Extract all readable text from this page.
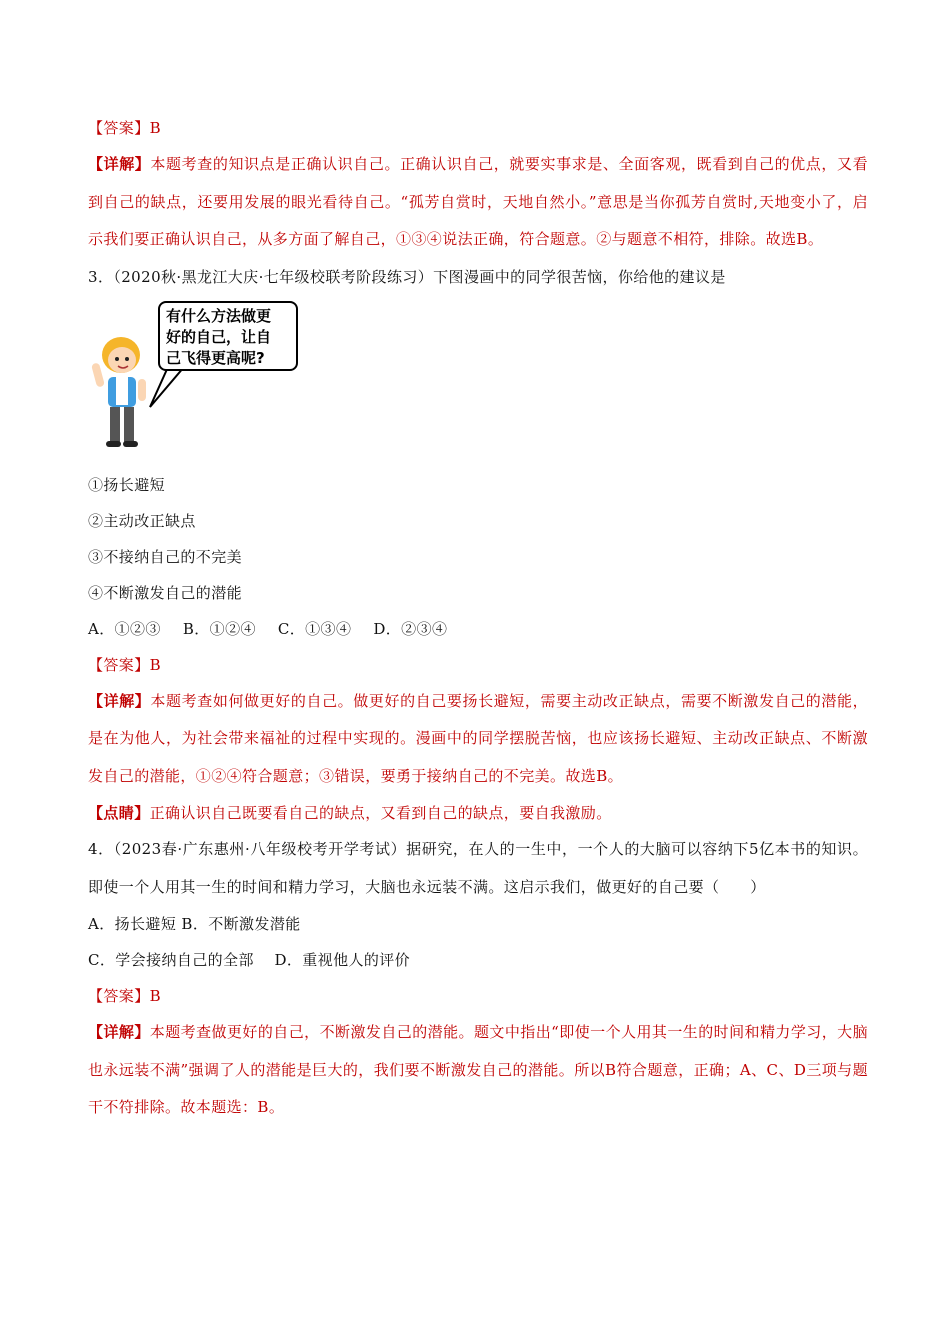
【答案】B
【详解】本题考查的知识点是正确认识自己。正确认识自己，就要实事求是、全面客观，既看到自己的优点，又看到自己的缺点，还要用发展的眼光看待自己。“孤芳自赏时，天地自然小。”意思是当你孤芳自赏时,天地变小了，启示我们要正确认识自己，从多方面了解自己，①③④说法正确，符合题意。②与题意不相符，排除。故选B。
3．（2020秋·黑龙江大庆·七年级校联考阶段练习）下图漫画中的同学很苦恼，你给他的建议是
有什么方法做更
好的自己，让自
己飞得更高呢?
①扬长避短
②主动改正缺点
③不接纳自己的不完美
④不断激发自己的潜能
A．①②③ B．①②④ C．①③④ D．②③④
【答案】B
【详解】本题考查如何做更好的自己。做更好的自己要扬长避短，需要主动改正缺点，需要不断激发自己的潜能，是在为他人，为社会带来福祉的过程中实现的。漫画中的同学摆脱苦恼，也应该扬长避短、主动改正缺点、不断激发自己的潜能，①②④符合题意；③错误，要勇于接纳自己的不完美。故选B。
【点睛】正确认识自己既要看自己的缺点，又看到自己的缺点，要自我激励。
4．（2023春·广东惠州·八年级校考开学考试）据研究，在人的一生中，一个人的大脑可以容纳下5亿本书的知识。即使一个人用其一生的时间和精力学习，大脑也永远装不满。这启示我们，做更好的自己要（　　）
A．扬长避短 B．不断激发潜能
C．学会接纳自己的全部　 D．重视他人的评价
【答案】B
【详解】本题考查做更好的自己，不断激发自己的潜能。题文中指出“即使一个人用其一生的时间和精力学习，大脑也永远装不满”强调了人的潜能是巨大的，我们要不断激发自己的潜能。所以B符合题意，正确；A、C、D三项与题干不符排除。故本题选：B。
